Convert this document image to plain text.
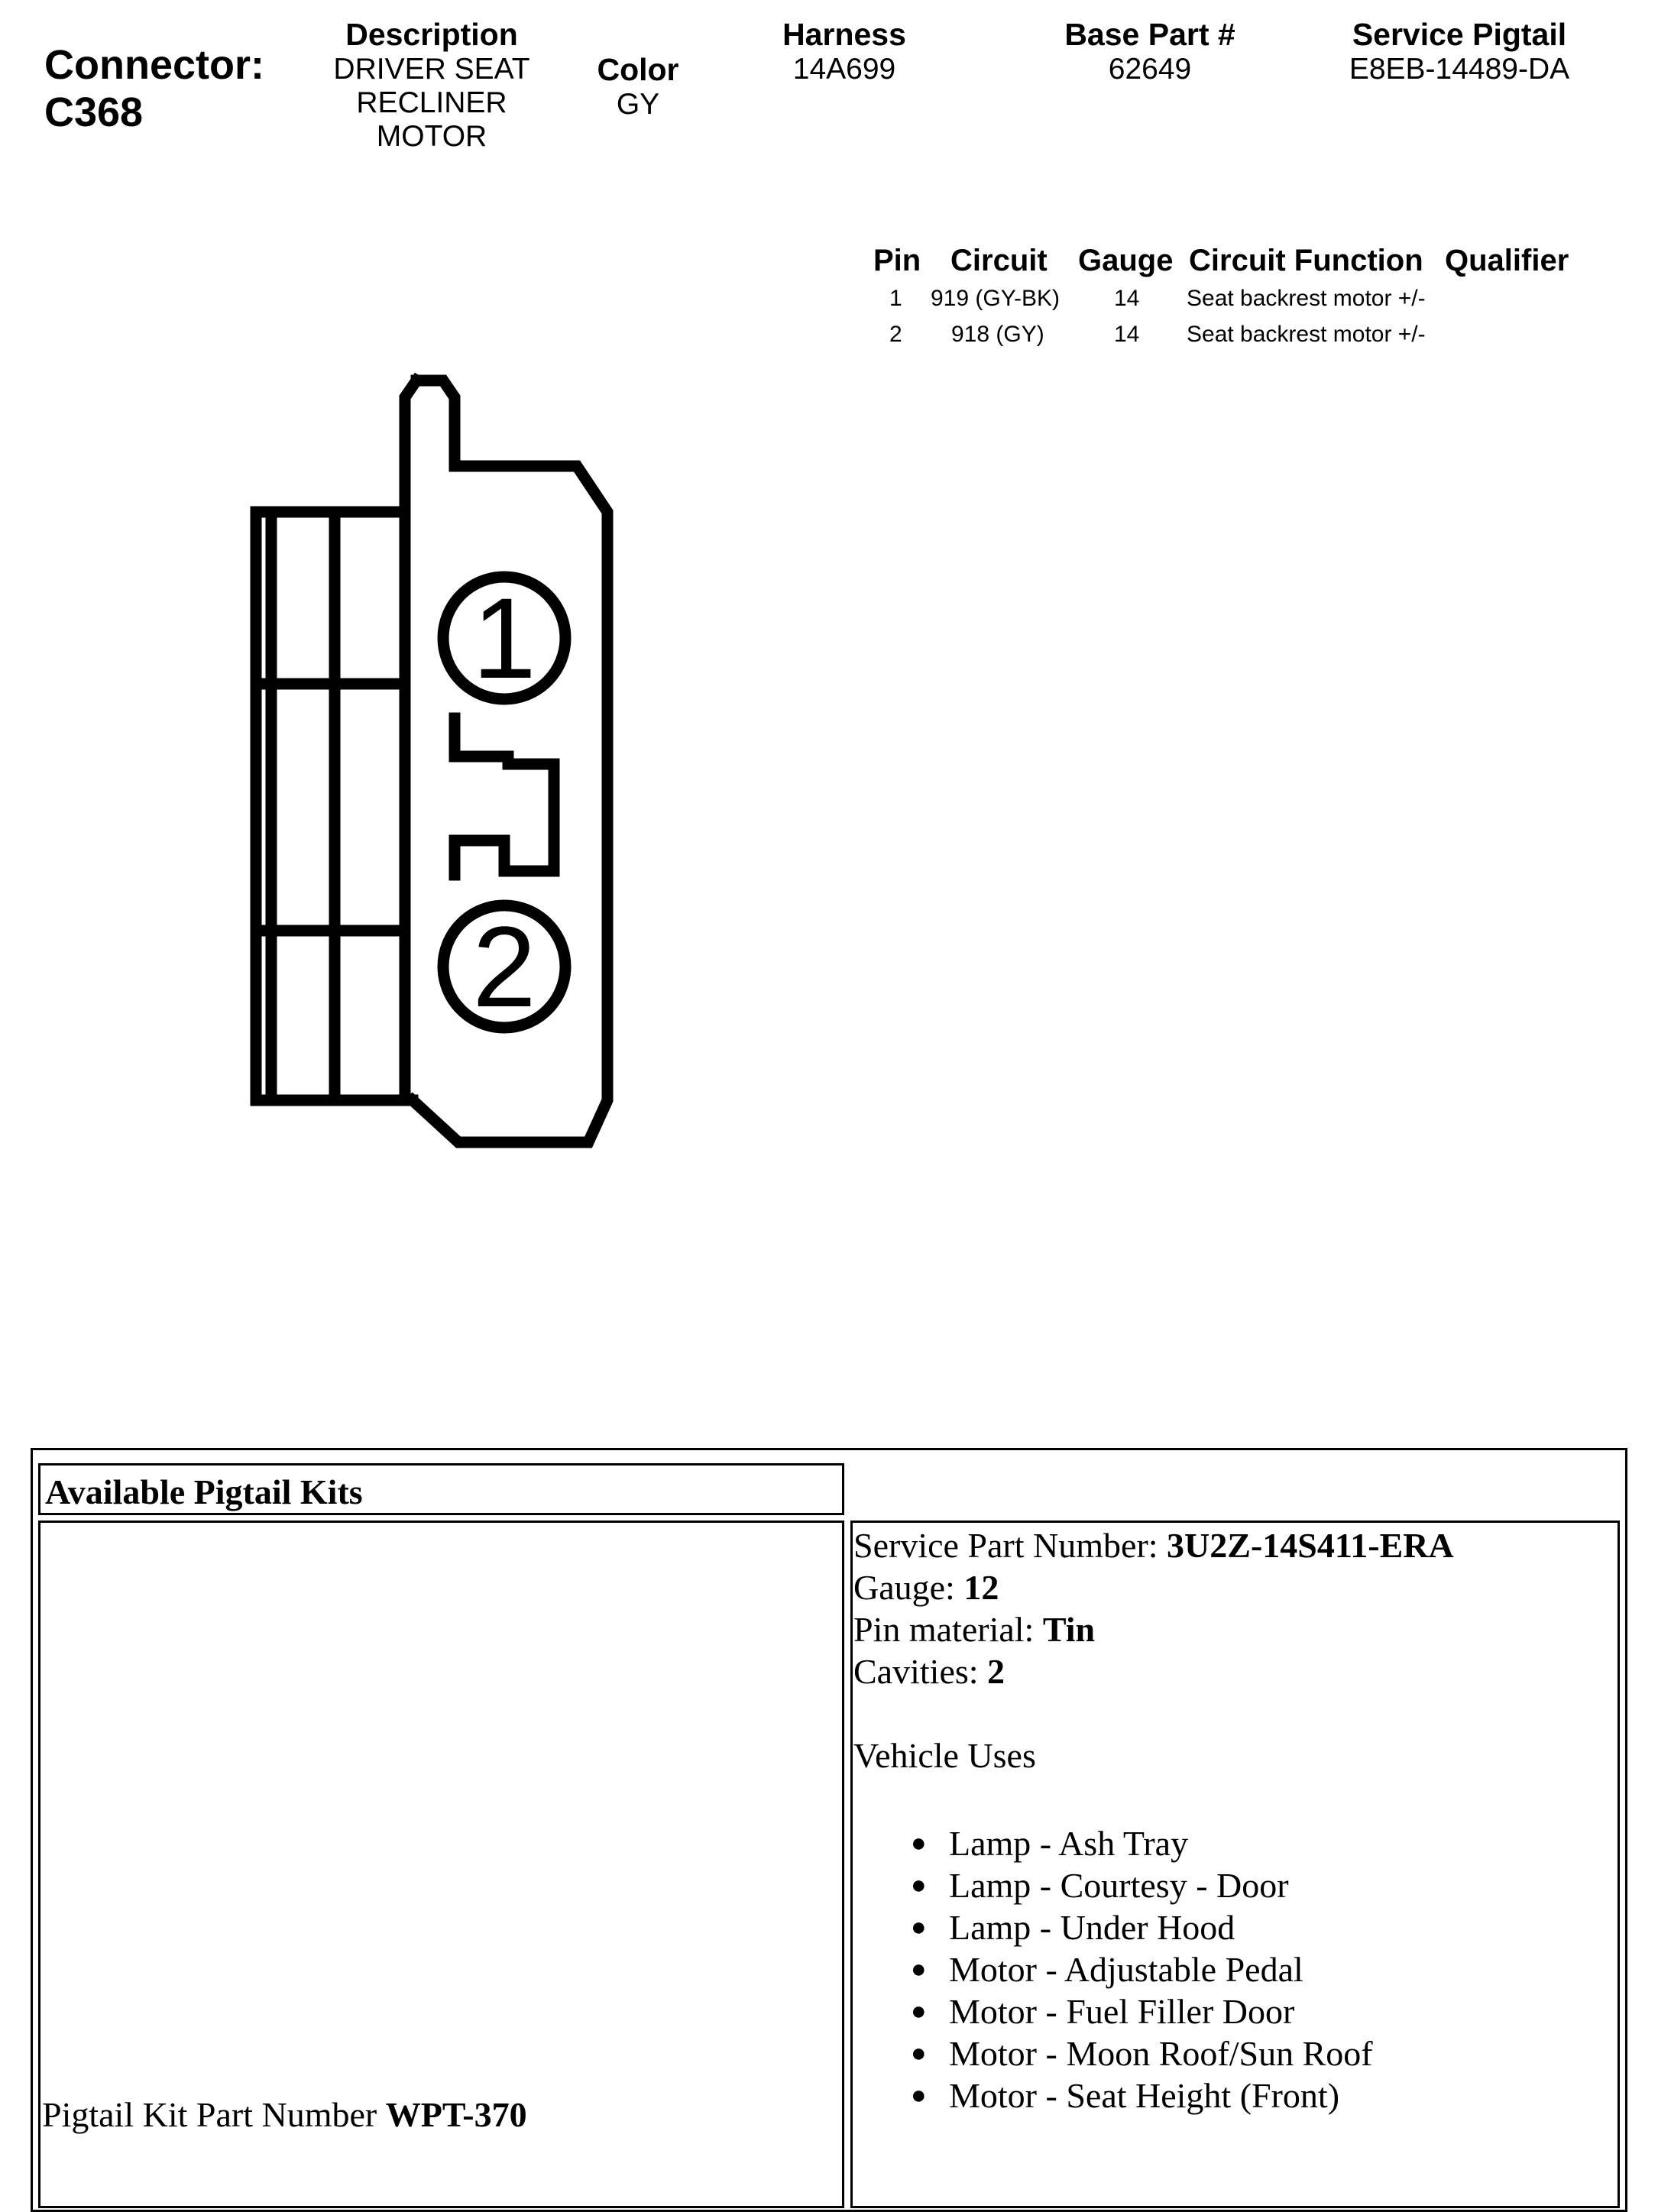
Connector:
C368
Description
DRIVER SEAT
RECLINER
MOTOR
Color
GY
Harness
14A699
Base Part #
62649
Service Pigtail
E8EB-14489-DA
Pin Circuit Gauge Circuit Function Qualifier
1 919 (GY-BK) 14 Seat backrest motor +/-
2 918 (GY)	14 Seat backrest motor +/-
1
2
Available Pigtail Kits
Pigtail Kit Part Number WPT-370
Service Part Number: 3U2Z-14S411-ERA
Gauge: 12
Pin material: Tin
Cavities: 2
Vehicle Uses
● Lamp - Ash Tray
● Lamp - Courtesy - Door
● Lamp - Under Hood
● Motor - Adjustable Pedal
● Motor - Fuel Filler Door
● Motor - Moon Roof/Sun Roof
● Motor - Seat Height (Front)
